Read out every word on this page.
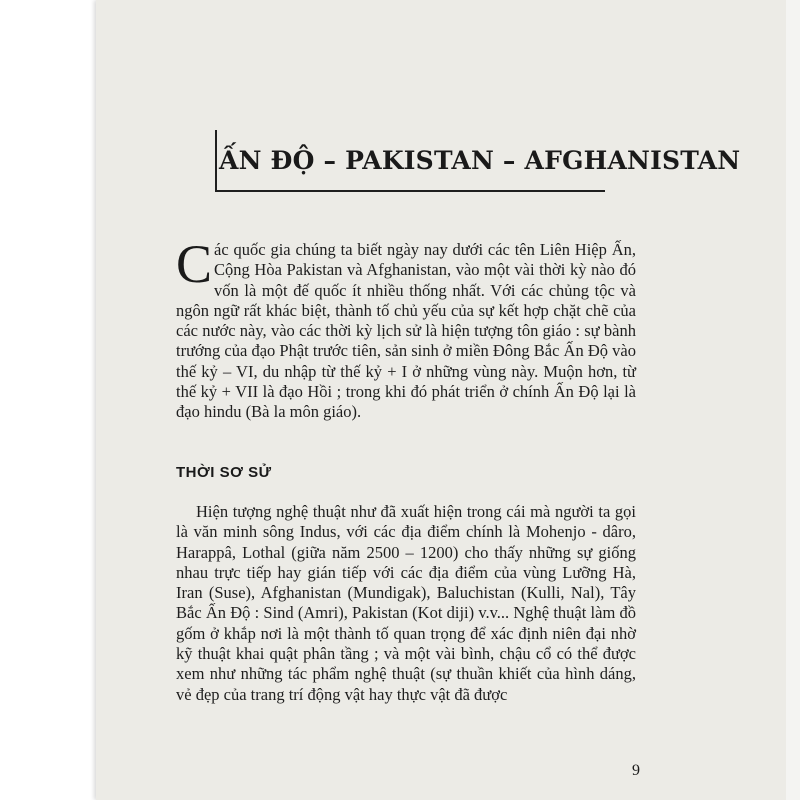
ẤN ĐỘ – PAKISTAN – AFGHANISTAN
C ác quốc gia chúng ta biết ngày nay dưới các tên Liên Hiệp Ấn, Cộng Hòa Pakistan và Afghanistan, vào một vài thời kỳ nào đó vốn là một đế quốc ít nhiều thống nhất. Với các chủng tộc và ngôn ngữ rất khác biệt, thành tố chủ yếu của sự kết hợp chặt chẽ của các nước này, vào các thời kỳ lịch sử là hiện tượng tôn giáo : sự bành trướng của đạo Phật trước tiên, sản sinh ở miền Đông Bắc Ấn Độ vào thế kỷ – VI, du nhập từ thế kỷ + I ở những vùng này. Muộn hơn, từ thế kỷ + VII là đạo Hồi ; trong khi đó phát triển ở chính Ấn Độ lại là đạo hindu (Bà la môn giáo).
THỜI SƠ SỬ
Hiện tượng nghệ thuật như đã xuất hiện trong cái mà người ta gọi là văn minh sông Indus, với các địa điểm chính là Mohenjo - dâro, Harappâ, Lothal (giữa năm 2500 – 1200) cho thấy những sự giống nhau trực tiếp hay gián tiếp với các địa điểm của vùng Lưỡng Hà, Iran (Suse), Afghanistan (Mundigak), Baluchistan (Kulli, Nal), Tây Bắc Ấn Độ : Sind (Amri), Pakistan (Kot diji) v.v... Nghệ thuật làm đồ gốm ở khắp nơi là một thành tố quan trọng để xác định niên đại nhờ kỹ thuật khai quật phân tầng ; và một vài bình, chậu cổ có thể được xem như những tác phẩm nghệ thuật (sự thuần khiết của hình dáng, vẻ đẹp của trang trí động vật hay thực vật đã được
9
